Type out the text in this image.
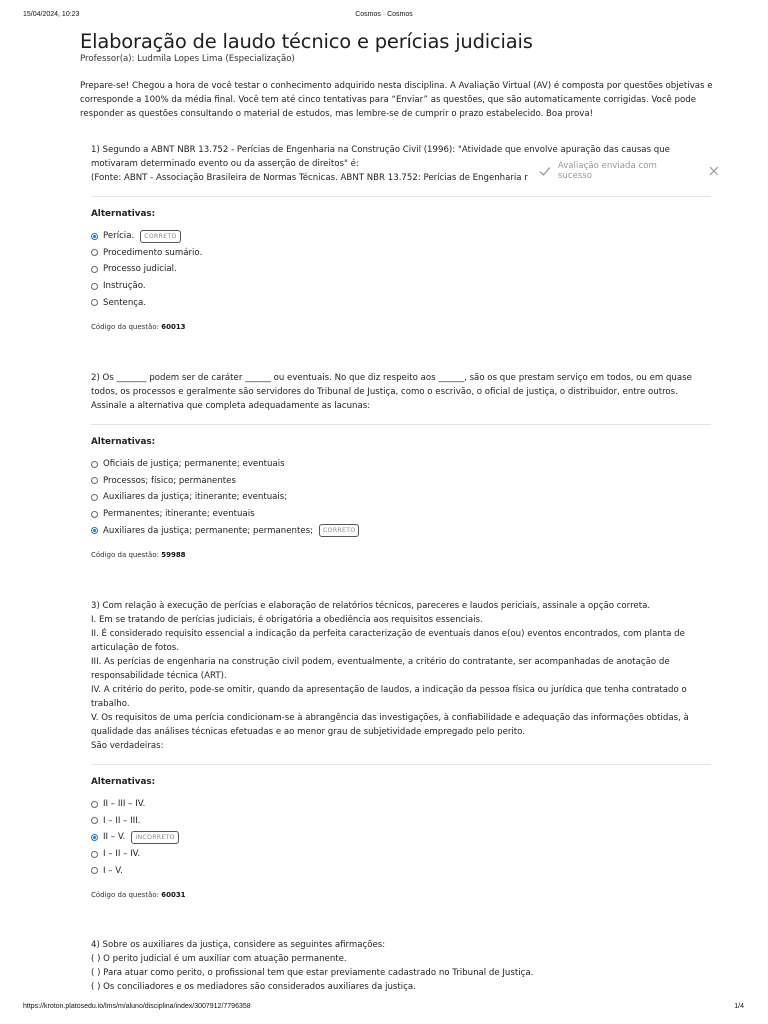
15/04/2024, 10:23	Cosmos · Cosmos
Elaboração de laudo técnico e perícias judiciais
Professor(a): Ludmila Lopes Lima (Especialização)
Prepare-se! Chegou a hora de você testar o conhecimento adquirido nesta disciplina. A Avaliação Virtual (AV) é composta por questões objetivas e corresponde a 100% da média final. Você tem até cinco tentativas para “Enviar” as questões, que são automaticamente corrigidas. Você pode responder as questões consultando o material de estudos, mas lembre-se de cumprir o prazo estabelecido. Boa prova!
1) Segundo a ABNT NBR 13.752 - Perícias de Engenharia na Construção Civil (1996): "Atividade que envolve apuração das causas que motivaram determinado evento ou da asserção de direitos" é:
(Fonte: ABNT - Associação Brasileira de Normas Técnicas. ABNT NBR 13.752: Perícias de Engenharia r
Alternativas:
Perícia.	CORRETO
Procedimento sumário.
Processo judicial.
Instrução.
Sentença.
Código da questão: 60013
2) Os _______ podem ser de caráter ______ ou eventuais. No que diz respeito aos ______, são os que prestam serviço em todos, ou em quase todos, os processos e geralmente são servidores do Tribunal de Justiça, como o escrivão, o oficial de justiça, o distribuidor, entre outros.
Assinale a alternativa que completa adequadamente as lacunas:
Alternativas:
Oficiais de justiça; permanente; eventuais
Processos; físico; permanentes
Auxiliares da justiça; itinerante; eventuais;
Permanentes; itinerante; eventuais
Auxiliares da justiça; permanente; permanentes;	CORRETO
Código da questão: 59988
3) Com relação à execução de perícias e elaboração de relatórios técnicos, pareceres e laudos periciais, assinale a opção correta.
I. Em se tratando de perícias judiciais, é obrigatória a obediência aos requisitos essenciais.
II. É considerado requisito essencial a indicação da perfeita caracterização de eventuais danos e(ou) eventos encontrados, com planta de articulação de fotos.
III. As perícias de engenharia na construção civil podem, eventualmente, a critério do contratante, ser acompanhadas de anotação de responsabilidade técnica (ART).
IV. A critério do perito, pode-se omitir, quando da apresentação de laudos, a indicação da pessoa física ou jurídica que tenha contratado o trabalho.
V. Os requisitos de uma perícia condicionam-se à abrangência das investigações, à confiabilidade e adequação das informações obtidas, à qualidade das análises técnicas efetuadas e ao menor grau de subjetividade empregado pelo perito.
São verdadeiras:
Alternativas:
II – III – IV.
I – II – III.
II – V.	INCORRETO
I – II – IV.
I – V.
Código da questão: 60031
4) Sobre os auxiliares da justiça, considere as seguintes afirmações:
( ) O perito judicial é um auxiliar com atuação permanente.
( ) Para atuar como perito, o profissional tem que estar previamente cadastrado no Tribunal de Justiça.
( ) Os conciliadores e os mediadores são considerados auxiliares da justiça.
Avaliação enviada com sucesso
https://kroton.platosedu.io/lms/m/aluno/disciplina/index/3007912/7796358	1/4
